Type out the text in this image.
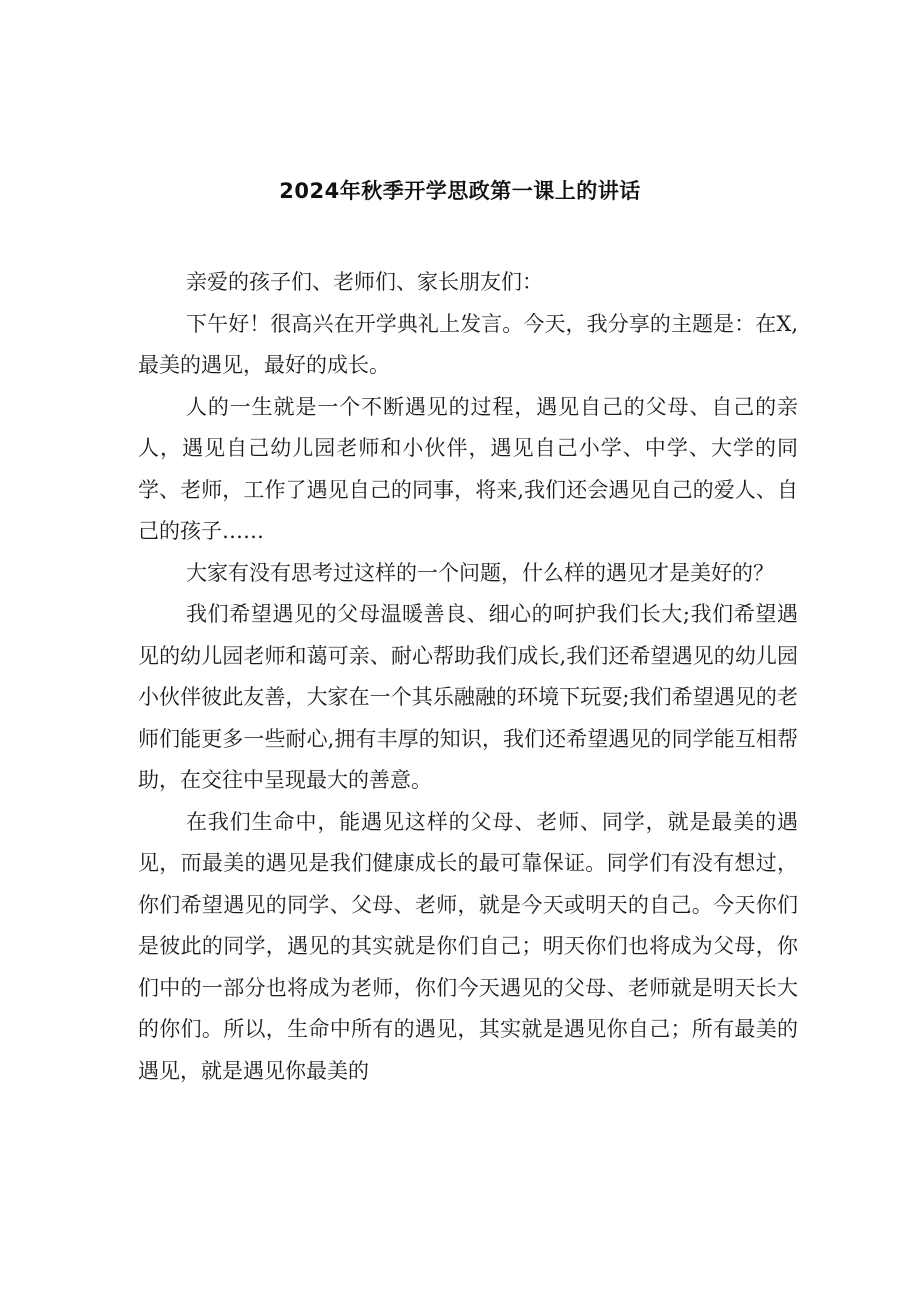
2024年秋季开学思政第一课上的讲话

亲爱的孩子们、老师们、家长朋友们：

下午好！很高兴在开学典礼上发言。今天，我分享的主题是：在X,最美的遇见，最好的成长。

人的一生就是一个不断遇见的过程，遇见自己的父母、自己的亲人，遇见自己幼儿园老师和小伙伴，遇见自己小学、中学、大学的同学、老师，工作了遇见自己的同事，将来,我们还会遇见自己的爱人、自己的孩子……

大家有没有思考过这样的一个问题，什么样的遇见才是美好的？

我们希望遇见的父母温暖善良、细心的呵护我们长大;我们希望遇见的幼儿园老师和蔼可亲、耐心帮助我们成长,我们还希望遇见的幼儿园小伙伴彼此友善，大家在一个其乐融融的环境下玩耍;我们希望遇见的老师们能更多一些耐心,拥有丰厚的知识，我们还希望遇见的同学能互相帮助，在交往中呈现最大的善意。

在我们生命中，能遇见这样的父母、老师、同学，就是最美的遇见，而最美的遇见是我们健康成长的最可靠保证。同学们有没有想过，你们希望遇见的同学、父母、老师，就是今天或明天的自己。今天你们是彼此的同学，遇见的其实就是你们自己；明天你们也将成为父母，你们中的一部分也将成为老师，你们今天遇见的父母、老师就是明天长大的你们。所以，生命中所有的遇见，其实就是遇见你自己；所有最美的遇见，就是遇见你最美的
